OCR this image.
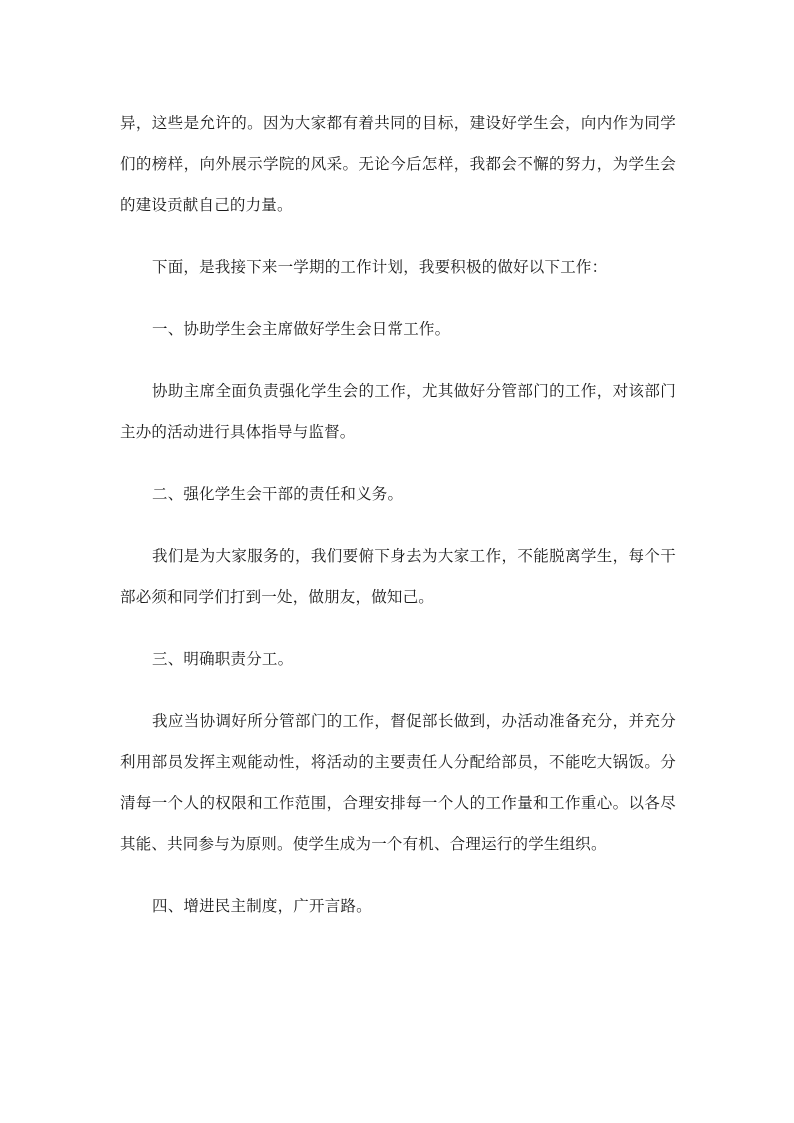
异，这些是允许的。因为大家都有着共同的目标，建设好学生会，向内作为同学们的榜样，向外展示学院的风采。无论今后怎样，我都会不懈的努力，为学生会的建设贡献自己的力量。

下面，是我接下来一学期的工作计划，我要积极的做好以下工作：

一、协助学生会主席做好学生会日常工作。

协助主席全面负责强化学生会的工作，尤其做好分管部门的工作，对该部门主办的活动进行具体指导与监督。

二、强化学生会干部的责任和义务。

我们是为大家服务的，我们要俯下身去为大家工作，不能脱离学生，每个干部必须和同学们打到一处，做朋友，做知己。

三、明确职责分工。

我应当协调好所分管部门的工作，督促部长做到，办活动准备充分，并充分利用部员发挥主观能动性，将活动的主要责任人分配给部员，不能吃大锅饭。分清每一个人的权限和工作范围，合理安排每一个人的工作量和工作重心。以各尽其能、共同参与为原则。使学生成为一个有机、合理运行的学生组织。

四、增进民主制度，广开言路。
